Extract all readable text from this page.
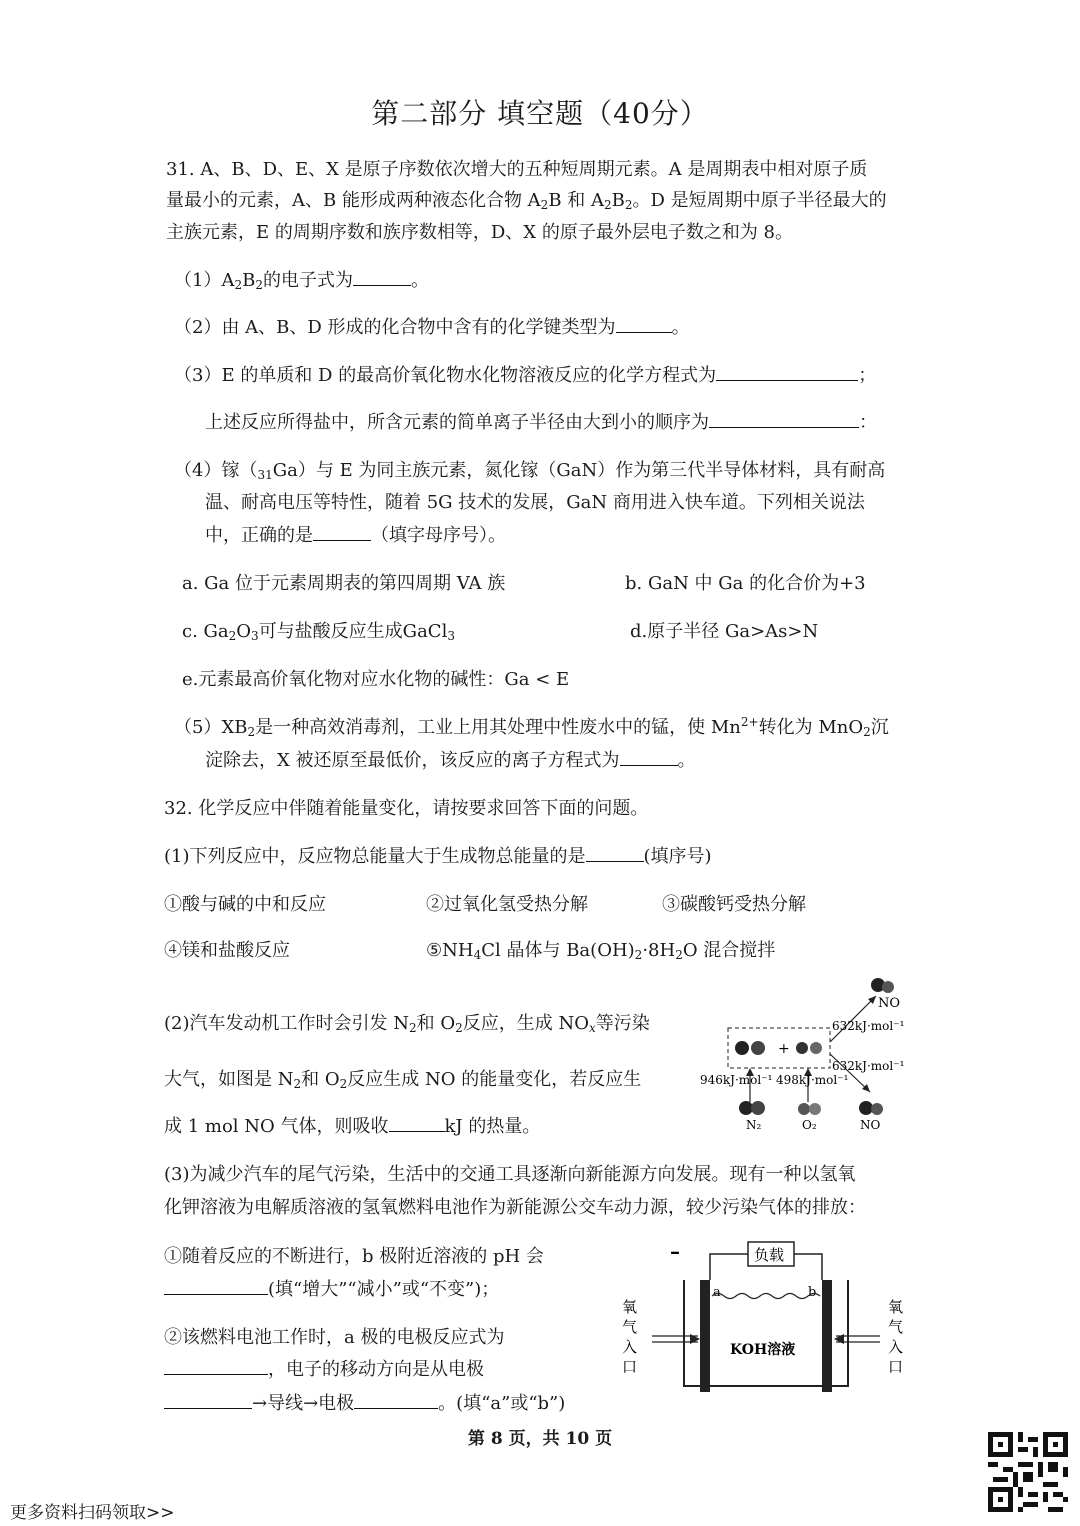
第二部分 填空题（40分）
31. A、B、D、E、X 是原子序数依次增大的五种短周期元素。A 是周期表中相对原子质
量最小的元素，A、B 能形成两种液态化合物 $A_2B$ 和 $A_2B_2$。D 是短周期中原子半径最大的
主族元素，E 的周期序数和族序数相等，D、X 的原子最外层电子数之和为 8。
$(1)A_2B_2$的电子式为	。
（2）由 A、B、D 形成的化合物中含有的化学键类型为	。
（3）E 的单质和 D 的最高价氧化物水化物溶液反应的化学方程式为	；
上述反应所得盐中，所含元素的简单离子半径由大到小的顺序为	：
（4）镓$(_{31}Ga)$与 E 为同主族元素，氮化镓（GaN）作为第三代半导体材料，具有耐高
温、耐高电压等特性，随着 5G 技术的发展，GaN 商用进入快车道。下列相关说法
中，正确的是	（填字母序号）。
a. Ga 位于元素周期表的第四周期 VA 族	b. GaN 中 Ga 的化合价为+3
c. $Ga_2O_3$可与盐酸反应生成GaCl$_3$	d.原子半径 Ga>As>N
e.元素最高价氧化物对应水化物的碱性：Ga < E
$(5)XB_2$是一种高效消毒剂，工业上用其处理中性废水中的锰，使 $Mn^{2+}$转化为 MnO$_2$沉
淀除去，X 被还原至最低价，该反应的离子方程式为	。
32. 化学反应中伴随着能量变化，请按要求回答下面的问题。
(1)下列反应中，反应物总能量大于生成物总能量的是	(填序号)
①酸与碱的中和反应	②过氧化氢受热分解	③碳酸钙受热分解
④镁和盐酸反应	$⑤NH_4Cl$ 晶体与 $Ba(OH)_2\cdot 8H_2O$ 混合搅拌
(2)汽车发动机工作时会引发 $N_2$和 $O_2$反应，生成 $NO_x$等污染
大气，如图是 $N_2$和 $O_2$反应生成 NO 的能量变化，若反应生
成 1 mol NO 气体，则吸收	kJ 的热量。
NO
+
632kJ·mol⁻¹
632kJ·mol⁻¹
946kJ·mol⁻¹ 498kJ·mol⁻¹
N₂	O₂	NO
(3)为减少汽车的尾气污染，生活中的交通工具逐渐向新能源方向发展。现有一种以氢氧
化钾溶液为电解质溶液的氢氧燃料电池作为新能源公交车动力源，较少污染气体的排放：
①随着反应的不断进行，b 极附近溶液的 pH 会
(填“增大”“减小”或“不变”)；
②该燃料电池工作时，a 极的电极反应式为
，电子的移动方向是从电极
→导线→电极	。(填“a”或“b”)
–	负载
a	b
KOH溶液
氧
气
入
口
氧
气
入
口
第 8 页，共 10 页
更多资料扫码领取>>
